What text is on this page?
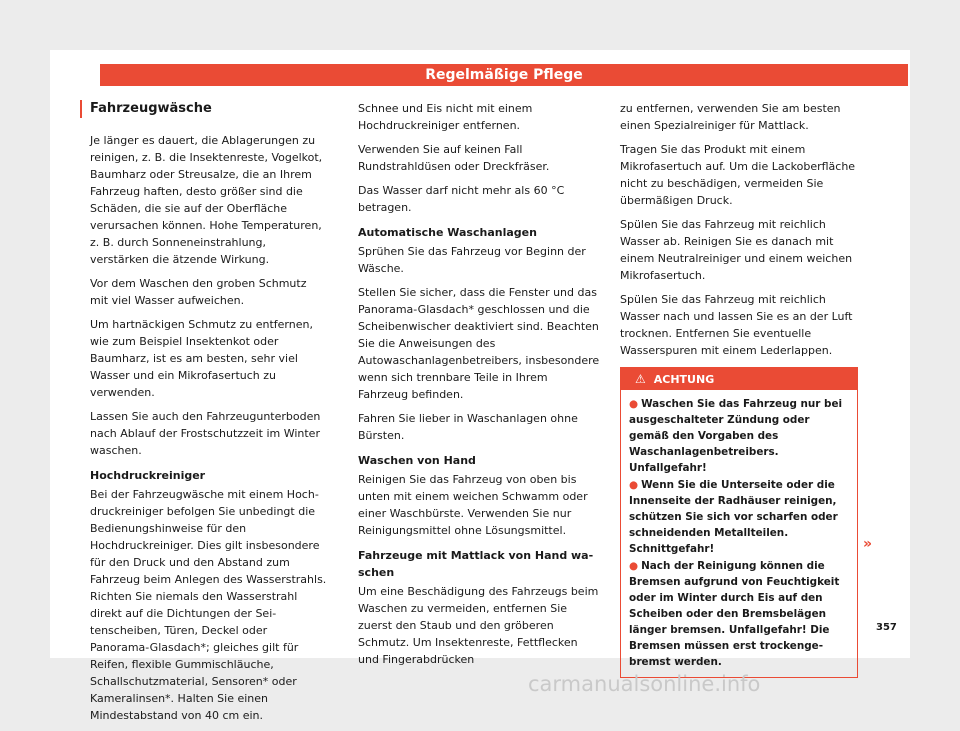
Regelmäßige Pflege
Fahrzeugwäsche

Je länger es dauert, die Ablagerungen zu reinigen, z. B. die Insektenreste, Vogelkot, Baumharz oder Streusalze, die an Ihrem Fahrzeug haften, desto größer sind die Schäden, die sie auf der Oberfläche verursachen können. Hohe Temperaturen, z. B. durch Sonneneinstrahlung, verstärken die ätzende Wirkung.

Vor dem Waschen den groben Schmutz mit viel Wasser aufweichen.

Um hartnäckigen Schmutz zu entfernen, wie zum Beispiel Insektenkot oder Baumharz, ist es am besten, sehr viel Wasser und ein Mikrofasertuch zu verwenden.

Lassen Sie auch den Fahrzeugunterboden nach Ablauf der Frostschutzzeit im Winter waschen.

Hochdruckreiniger

Bei der Fahrzeugwäsche mit einem Hochdruckreiniger befolgen Sie unbedingt die Bedienungshinweise für den Hochdruckreiniger. Dies gilt insbesondere für den Druck und den Abstand zum Fahrzeug beim Anlegen des Wasserstrahls. Richten Sie niemals den Wasserstrahl direkt auf die Dichtungen der Seitenscheiben, Türen, Deckel oder Panorama-Glasdach*; gleiches gilt für Reifen, flexible Gummischläuche, Schallschutzmaterial, Sensoren* oder Kameralinsen*. Halten Sie einen Mindestabstand von 40 cm ein.

Schnee und Eis nicht mit einem Hochdruckreiniger entfernen.

Verwenden Sie auf keinen Fall Rundstrahldüsen oder Dreckfräser.

Das Wasser darf nicht mehr als 60 °C betragen.

Automatische Waschanlagen

Sprühen Sie das Fahrzeug vor Beginn der Wäsche.

Stellen Sie sicher, dass die Fenster und das Panorama-Glasdach* geschlossen und die Scheibenwischer deaktiviert sind. Beachten Sie die Anweisungen des Autowaschanlagenbetreibers, insbesondere wenn sich trennbare Teile in Ihrem Fahrzeug befinden.

Fahren Sie lieber in Waschanlagen ohne Bürsten.

Waschen von Hand

Reinigen Sie das Fahrzeug von oben bis unten mit einem weichen Schwamm oder einer Waschbürste. Verwenden Sie nur Reinigungsmittel ohne Lösungsmittel.

Fahrzeuge mit Mattlack von Hand waschen

Um eine Beschädigung des Fahrzeugs beim Waschen zu vermeiden, entfernen Sie zuerst den Staub und den gröberen Schmutz. Um Insektenreste, Fettflecken und Fingerabdrücken

zu entfernen, verwenden Sie am besten einen Spezialreiniger für Mattlack.

Tragen Sie das Produkt mit einem Mikrofasertuch auf. Um die Lackoberfläche nicht zu beschädigen, vermeiden Sie übermäßigen Druck.

Spülen Sie das Fahrzeug mit reichlich Wasser ab. Reinigen Sie es danach mit einem Neutralreiniger und einem weichen Mikrofasertuch.

Spülen Sie das Fahrzeug mit reichlich Wasser nach und lassen Sie es an der Luft trocknen. Entfernen Sie eventuelle Wasserspuren mit einem Lederlappen.

⚠ ACHTUNG
● Waschen Sie das Fahrzeug nur bei ausgeschalteter Zündung oder gemäß den Vorgaben des Waschanlagenbetreibers. Unfallgefahr!
● Wenn Sie die Unterseite oder die Innenseite der Radhäuser reinigen, schützen Sie sich vor scharfen oder schneidenden Metallteilen. Schnittgefahr!
● Nach der Reinigung können die Bremsen aufgrund von Feuchtigkeit oder im Winter durch Eis auf den Scheiben oder den Bremsbelägen länger bremsen. Unfallgefahr! Die Bremsen müssen erst trockengebremst werden.
»
357
carmanualsonline.info
